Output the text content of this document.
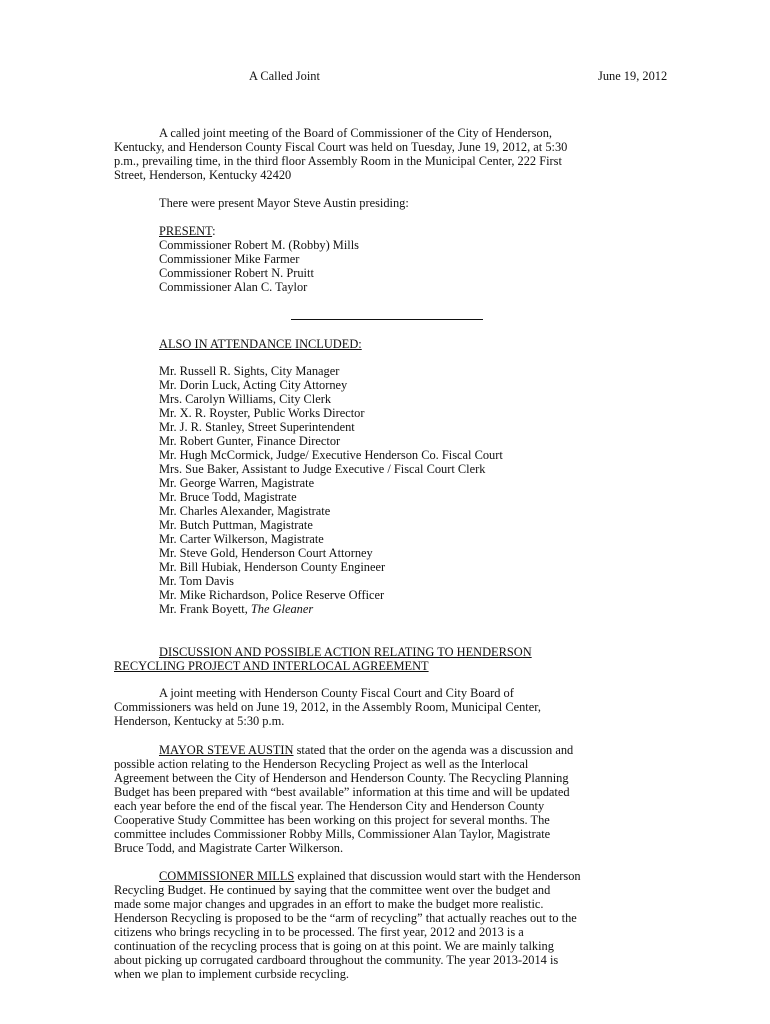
A Called Joint	June 19, 2012
A called joint meeting of the Board of Commissioner of the City of Henderson,
Kentucky, and Henderson County Fiscal Court was held on Tuesday, June 19, 2012, at 5:30
p.m., prevailing time, in the third floor Assembly Room in the Municipal Center, 222 First
Street, Henderson, Kentucky 42420
There were present Mayor Steve Austin presiding:
PRESENT:
Commissioner Robert M. (Robby) Mills
Commissioner Mike Farmer
Commissioner Robert N. Pruitt
Commissioner Alan C. Taylor
ALSO IN ATTENDANCE INCLUDED:
Mr. Russell R. Sights, City Manager
Mr. Dorin Luck, Acting City Attorney
Mrs. Carolyn Williams, City Clerk
Mr. X. R. Royster, Public Works Director
Mr. J. R. Stanley, Street Superintendent
Mr. Robert Gunter, Finance Director
Mr. Hugh McCormick, Judge/ Executive Henderson Co. Fiscal Court
Mrs. Sue Baker, Assistant to Judge Executive / Fiscal Court Clerk
Mr. George Warren, Magistrate
Mr. Bruce Todd, Magistrate
Mr. Charles Alexander, Magistrate
Mr. Butch Puttman, Magistrate
Mr. Carter Wilkerson, Magistrate
Mr. Steve Gold, Henderson Court Attorney
Mr. Bill Hubiak, Henderson County Engineer
Mr. Tom Davis
Mr. Mike Richardson, Police Reserve Officer
Mr. Frank Boyett, The Gleaner
DISCUSSION AND POSSIBLE ACTION RELATING TO HENDERSON
RECYCLING PROJECT AND INTERLOCAL AGREEMENT
A joint meeting with Henderson County Fiscal Court and City Board of
Commissioners was held on June 19, 2012, in the Assembly Room, Municipal Center,
Henderson, Kentucky at 5:30 p.m.
MAYOR STEVE AUSTIN stated that the order on the agenda was a discussion and
possible action relating to the Henderson Recycling Project as well as the Interlocal
Agreement between the City of Henderson and Henderson County. The Recycling Planning
Budget has been prepared with “best available” information at this time and will be updated
each year before the end of the fiscal year. The Henderson City and Henderson County
Cooperative Study Committee has been working on this project for several months. The
committee includes Commissioner Robby Mills, Commissioner Alan Taylor, Magistrate
Bruce Todd, and Magistrate Carter Wilkerson.
COMMISSIONER MILLS explained that discussion would start with the Henderson
Recycling Budget. He continued by saying that the committee went over the budget and
made some major changes and upgrades in an effort to make the budget more realistic.
Henderson Recycling is proposed to be the “arm of recycling” that actually reaches out to the
citizens who brings recycling in to be processed. The first year, 2012 and 2013 is a
continuation of the recycling process that is going on at this point. We are mainly talking
about picking up corrugated cardboard throughout the community. The year 2013-2014 is
when we plan to implement curbside recycling.
